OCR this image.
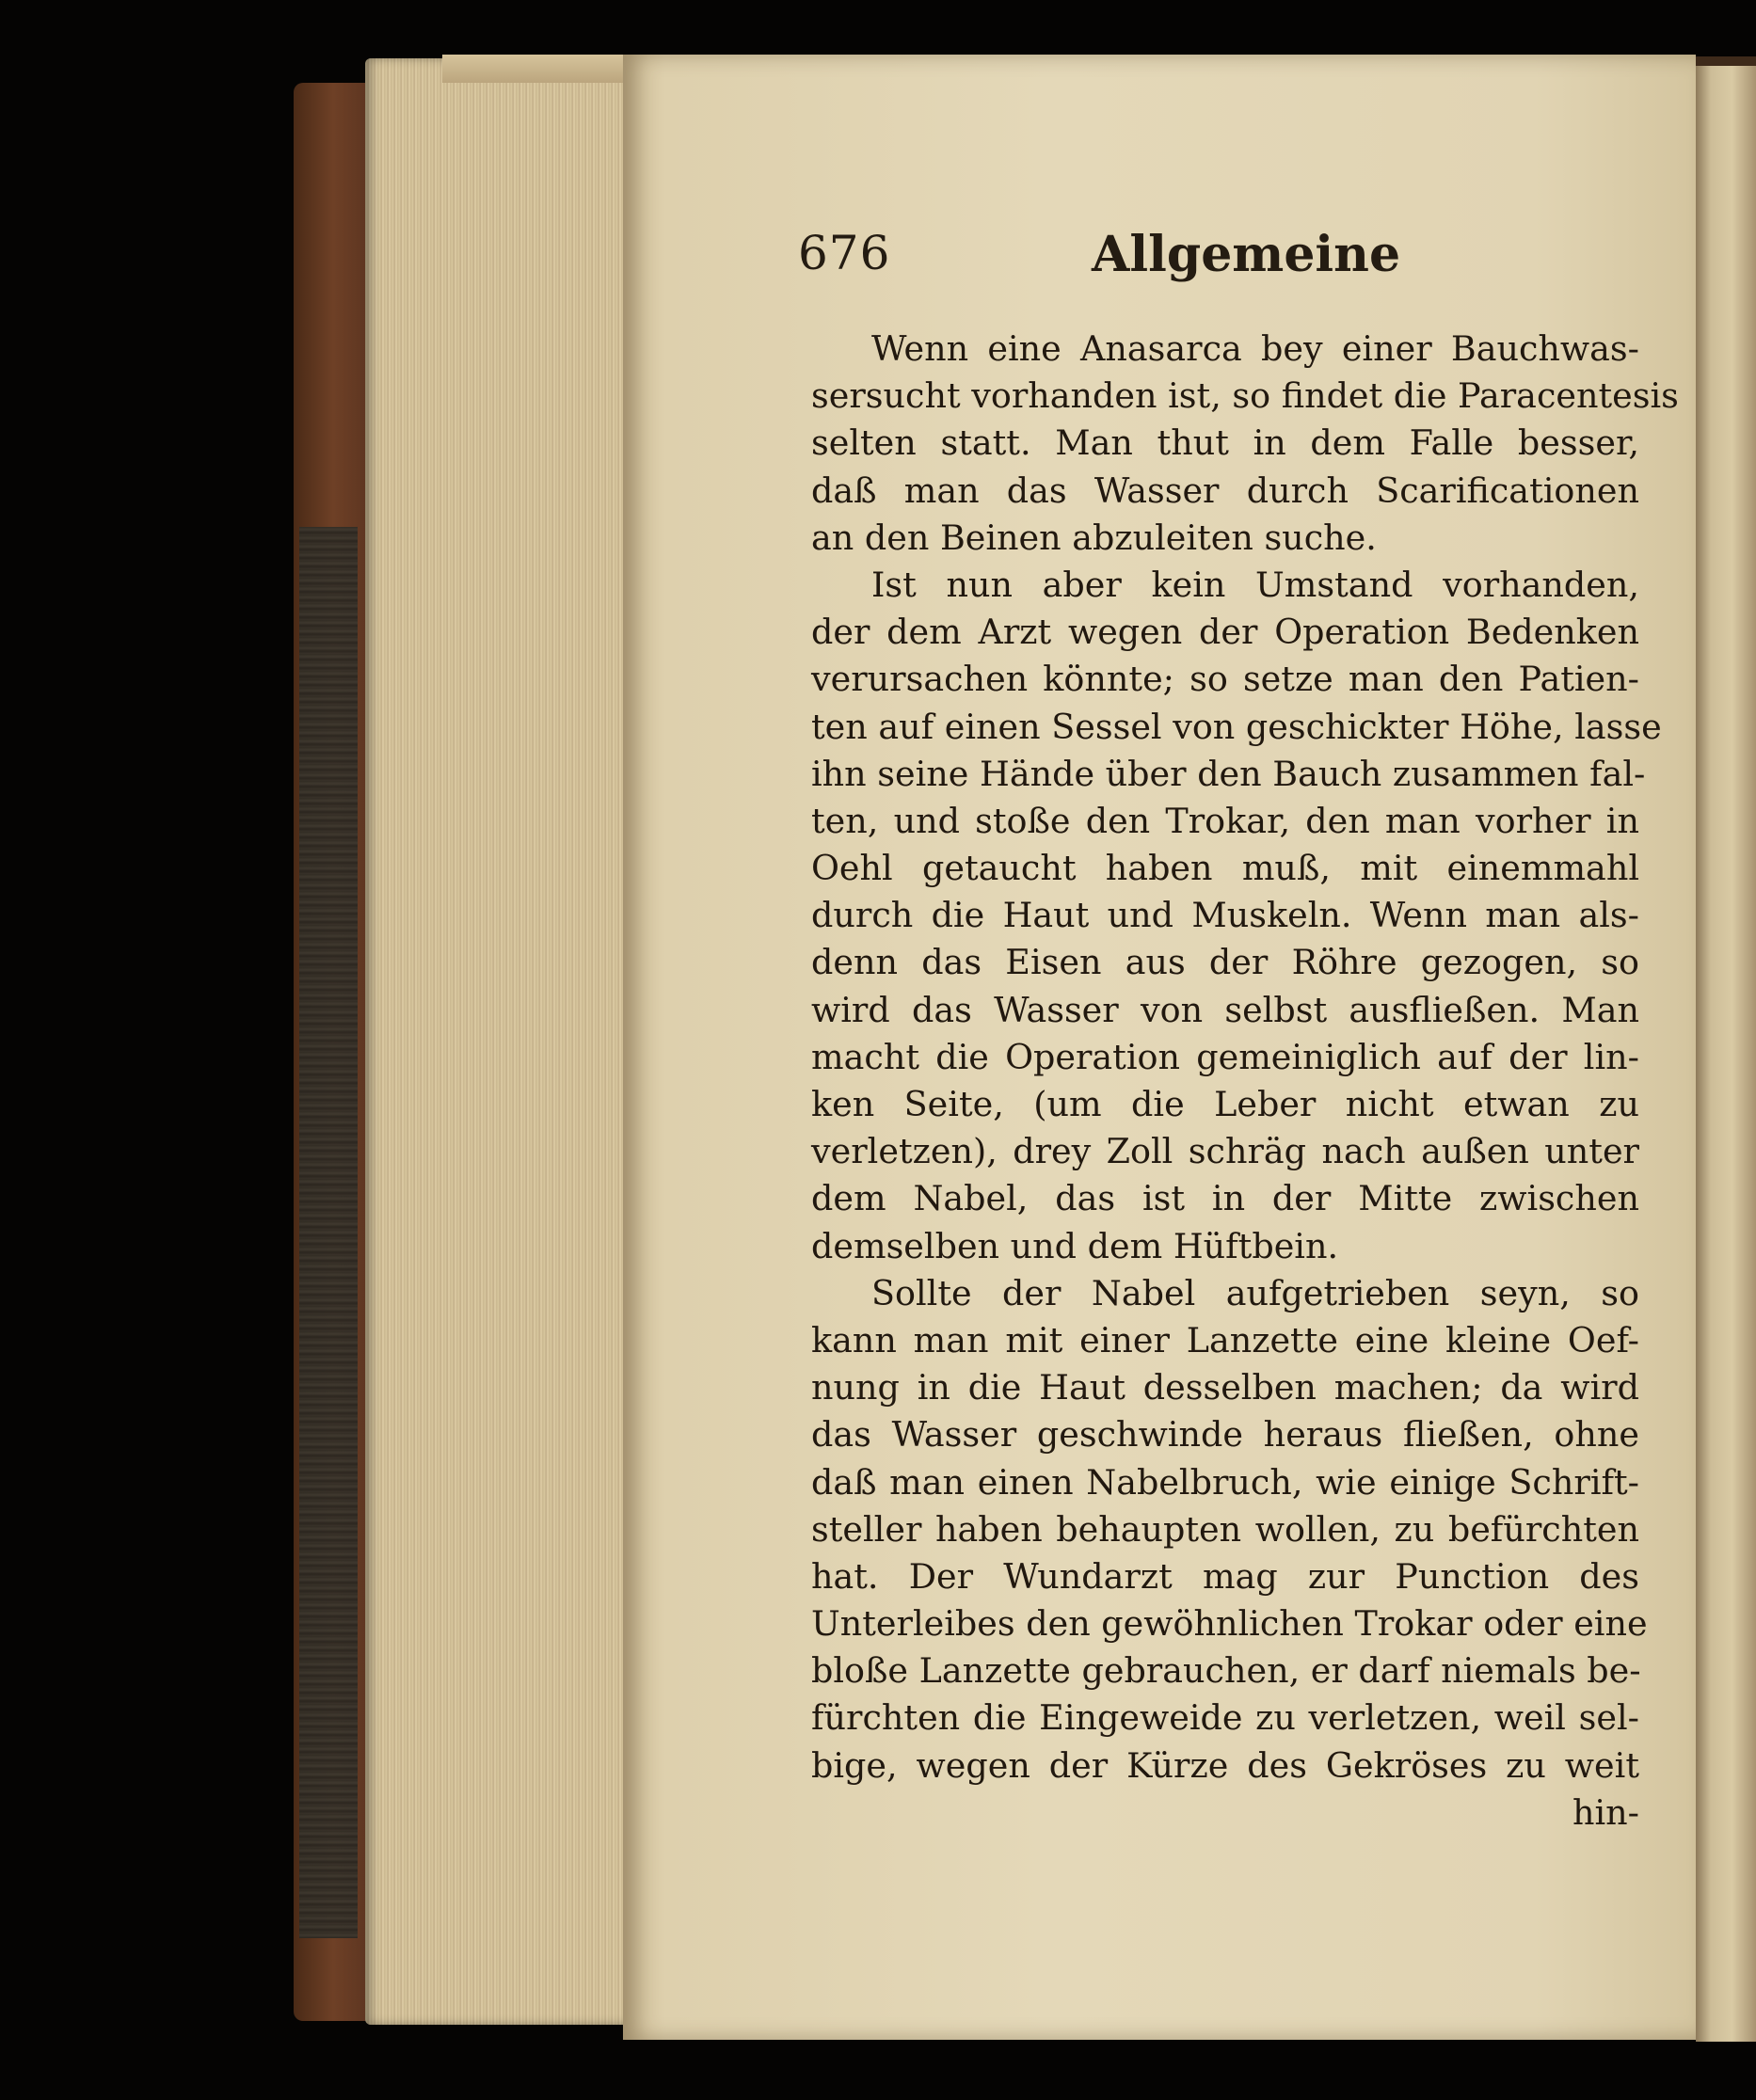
676	Allgemeine
Wenn eine Anasarca bey einer Bauchwas-
sersucht vorhanden ist, so findet die Paracentesis
selten statt. Man thut in dem Falle besser,
daß man das Wasser durch Scarificationen
an den Beinen abzuleiten suche.
Ist nun aber kein Umstand vorhanden,
der dem Arzt wegen der Operation Bedenken
verursachen könnte; so setze man den Patien-
ten auf einen Sessel von geschickter Höhe, lasse
ihn seine Hände über den Bauch zusammen fal-
ten, und stoße den Trokar, den man vorher in
Oehl getaucht haben muß, mit einemmahl
durch die Haut und Muskeln. Wenn man als-
denn das Eisen aus der Röhre gezogen, so
wird das Wasser von selbst ausfließen. Man
macht die Operation gemeiniglich auf der lin-
ken Seite, (um die Leber nicht etwan zu
verletzen), drey Zoll schräg nach außen unter
dem Nabel, das ist in der Mitte zwischen
demselben und dem Hüftbein.
Sollte der Nabel aufgetrieben seyn, so
kann man mit einer Lanzette eine kleine Oef-
nung in die Haut desselben machen; da wird
das Wasser geschwinde heraus fließen, ohne
daß man einen Nabelbruch, wie einige Schrift-
steller haben behaupten wollen, zu befürchten
hat. Der Wundarzt mag zur Punction des
Unterleibes den gewöhnlichen Trokar oder eine
bloße Lanzette gebrauchen, er darf niemals be-
fürchten die Eingeweide zu verletzen, weil sel-
bige, wegen der Kürze des Gekröses zu weit
hin-
